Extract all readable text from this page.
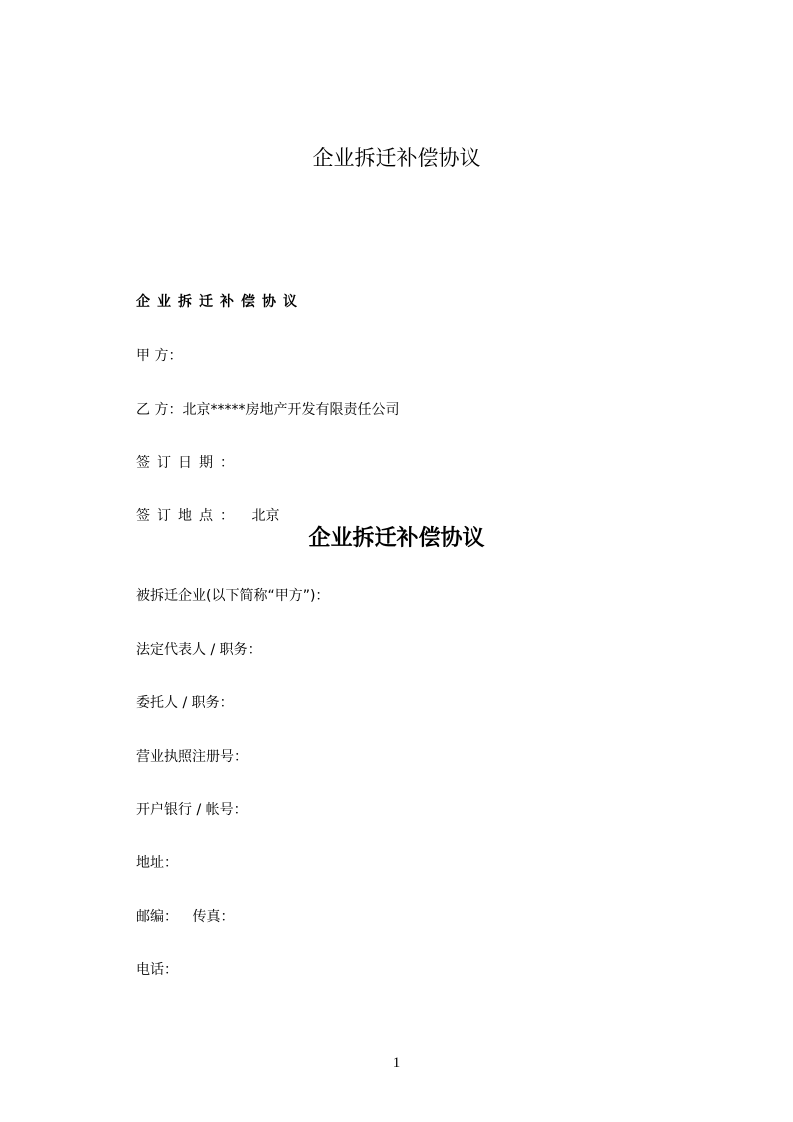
企业拆迁补偿协议
企业拆迁补偿协议
甲 方：
乙 方：北京*****房地产开发有限责任公司
签订日期：
签订地点： 北京
企业拆迁补偿协议
被拆迁企业(以下简称“甲方”)：
法定代表人 / 职务：
委托人 / 职务：
营业执照注册号：
开户银行 / 帐号：
地址：
邮编： 传真：
电话：
1
